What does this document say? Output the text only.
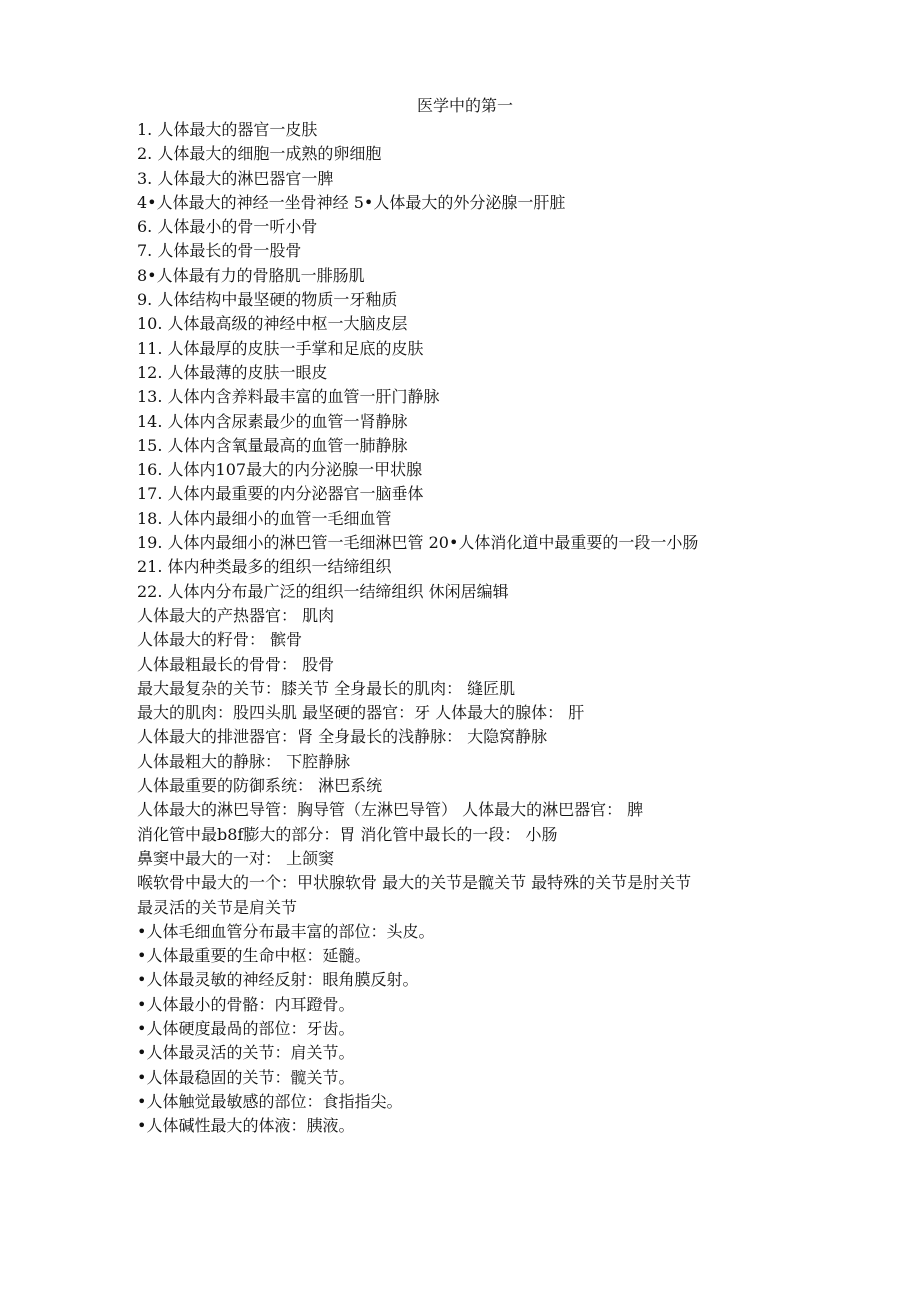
医学中的第一
1. 人体最大的器官一皮肤
2. 人体最大的细胞一成熟的卵细胞
3. 人体最大的淋巴器官一脾
4•人体最大的神经一坐骨神经 5•人体最大的外分泌腺一肝脏
6. 人体最小的骨一听小骨
7. 人体最长的骨一股骨
8•人体最有力的骨胳肌一腓肠肌
9. 人体结构中最坚硬的物质一牙釉质
10. 人体最高级的神经中枢一大脑皮层
11. 人体最厚的皮肤一手掌和足底的皮肤
12. 人体最薄的皮肤一眼皮
13. 人体内含养料最丰富的血管一肝门静脉
14. 人体内含尿素最少的血管一肾静脉
15. 人体内含氧量最高的血管一肺静脉
16. 人体内107最大的内分泌腺一甲状腺
17. 人体内最重要的内分泌器官一脑垂体
18. 人体内最细小的血管一毛细血管
19. 人体内最细小的淋巴管一毛细淋巴管 20•人体消化道中最重要的一段一小肠
21. 体内种类最多的组织一结缔组织
22. 人体内分布最广泛的组织一结缔组织 休闲居编辑
人体最大的产热器官： 肌肉
人体最大的籽骨： 髌骨
人体最粗最长的骨骨： 股骨
最大最复杂的关节：膝关节 全身最长的肌肉： 缝匠肌
最大的肌肉：股四头肌 最坚硬的器官：牙 人体最大的腺体： 肝
人体最大的排泄器官：肾 全身最长的浅静脉： 大隐窝静脉
人体最粗大的静脉： 下腔静脉
人体最重要的防御系统： 淋巴系统
人体最大的淋巴导管：胸导管（左淋巴导管） 人体最大的淋巴器官： 脾
消化管中最b8f膨大的部分：胃 消化管中最长的一段： 小肠
鼻窦中最大的一对： 上颌窦
喉软骨中最大的一个：甲状腺软骨 最大的关节是髋关节 最特殊的关节是肘关节
最灵活的关节是肩关节
•人体毛细血管分布最丰富的部位：头皮。
•人体最重要的生命中枢：延髓。
•人体最灵敏的神经反射：眼角膜反射。
•人体最小的骨骼：内耳蹬骨。
•人体硬度最咼的部位：牙齿。
•人体最灵活的关节：肩关节。
•人体最稳固的关节：髋关节。
•人体触觉最敏感的部位：食指指尖。
•人体碱性最大的体液：胰液。
